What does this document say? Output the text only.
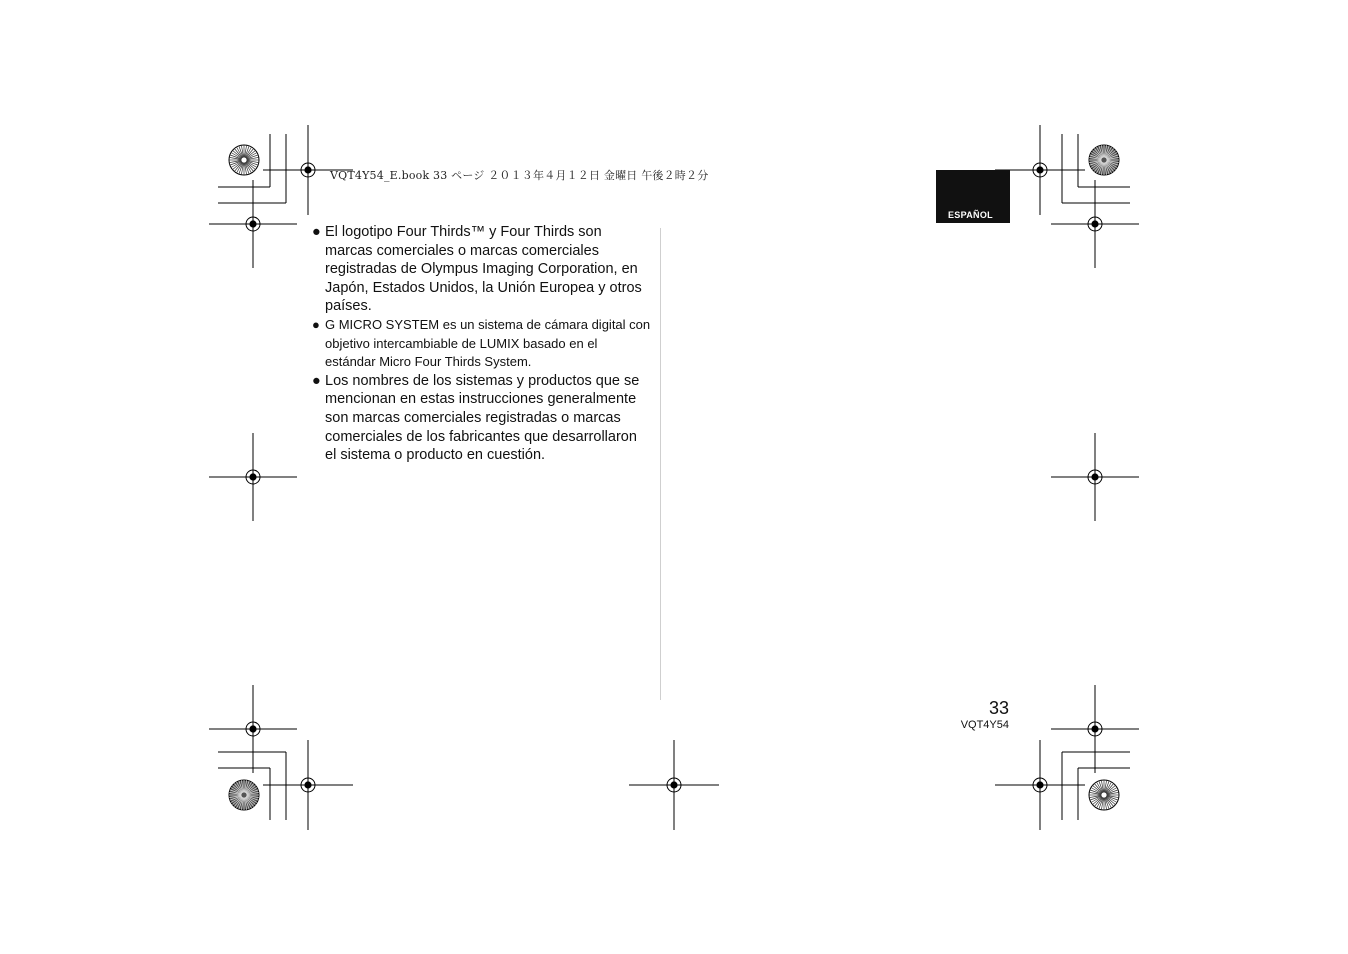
VQT4Y54_E.book 33 ページ ２０１３年４月１２日 金曜日 午後２時２分
ESPAÑOL
● El logotipo Four Thirds™ y Four Thirds son marcas comerciales o marcas comerciales registradas de Olympus Imaging Corporation, en Japón, Estados Unidos, la Unión Europea y otros países.
● G MICRO SYSTEM es un sistema de cámara digital con objetivo intercambiable de LUMIX basado en el estándar Micro Four Thirds System.
● Los nombres de los sistemas y productos que se mencionan en estas instrucciones generalmente son marcas comerciales registradas o marcas comerciales de los fabricantes que desarrollaron el sistema o producto en cuestión.
33
VQT4Y54
